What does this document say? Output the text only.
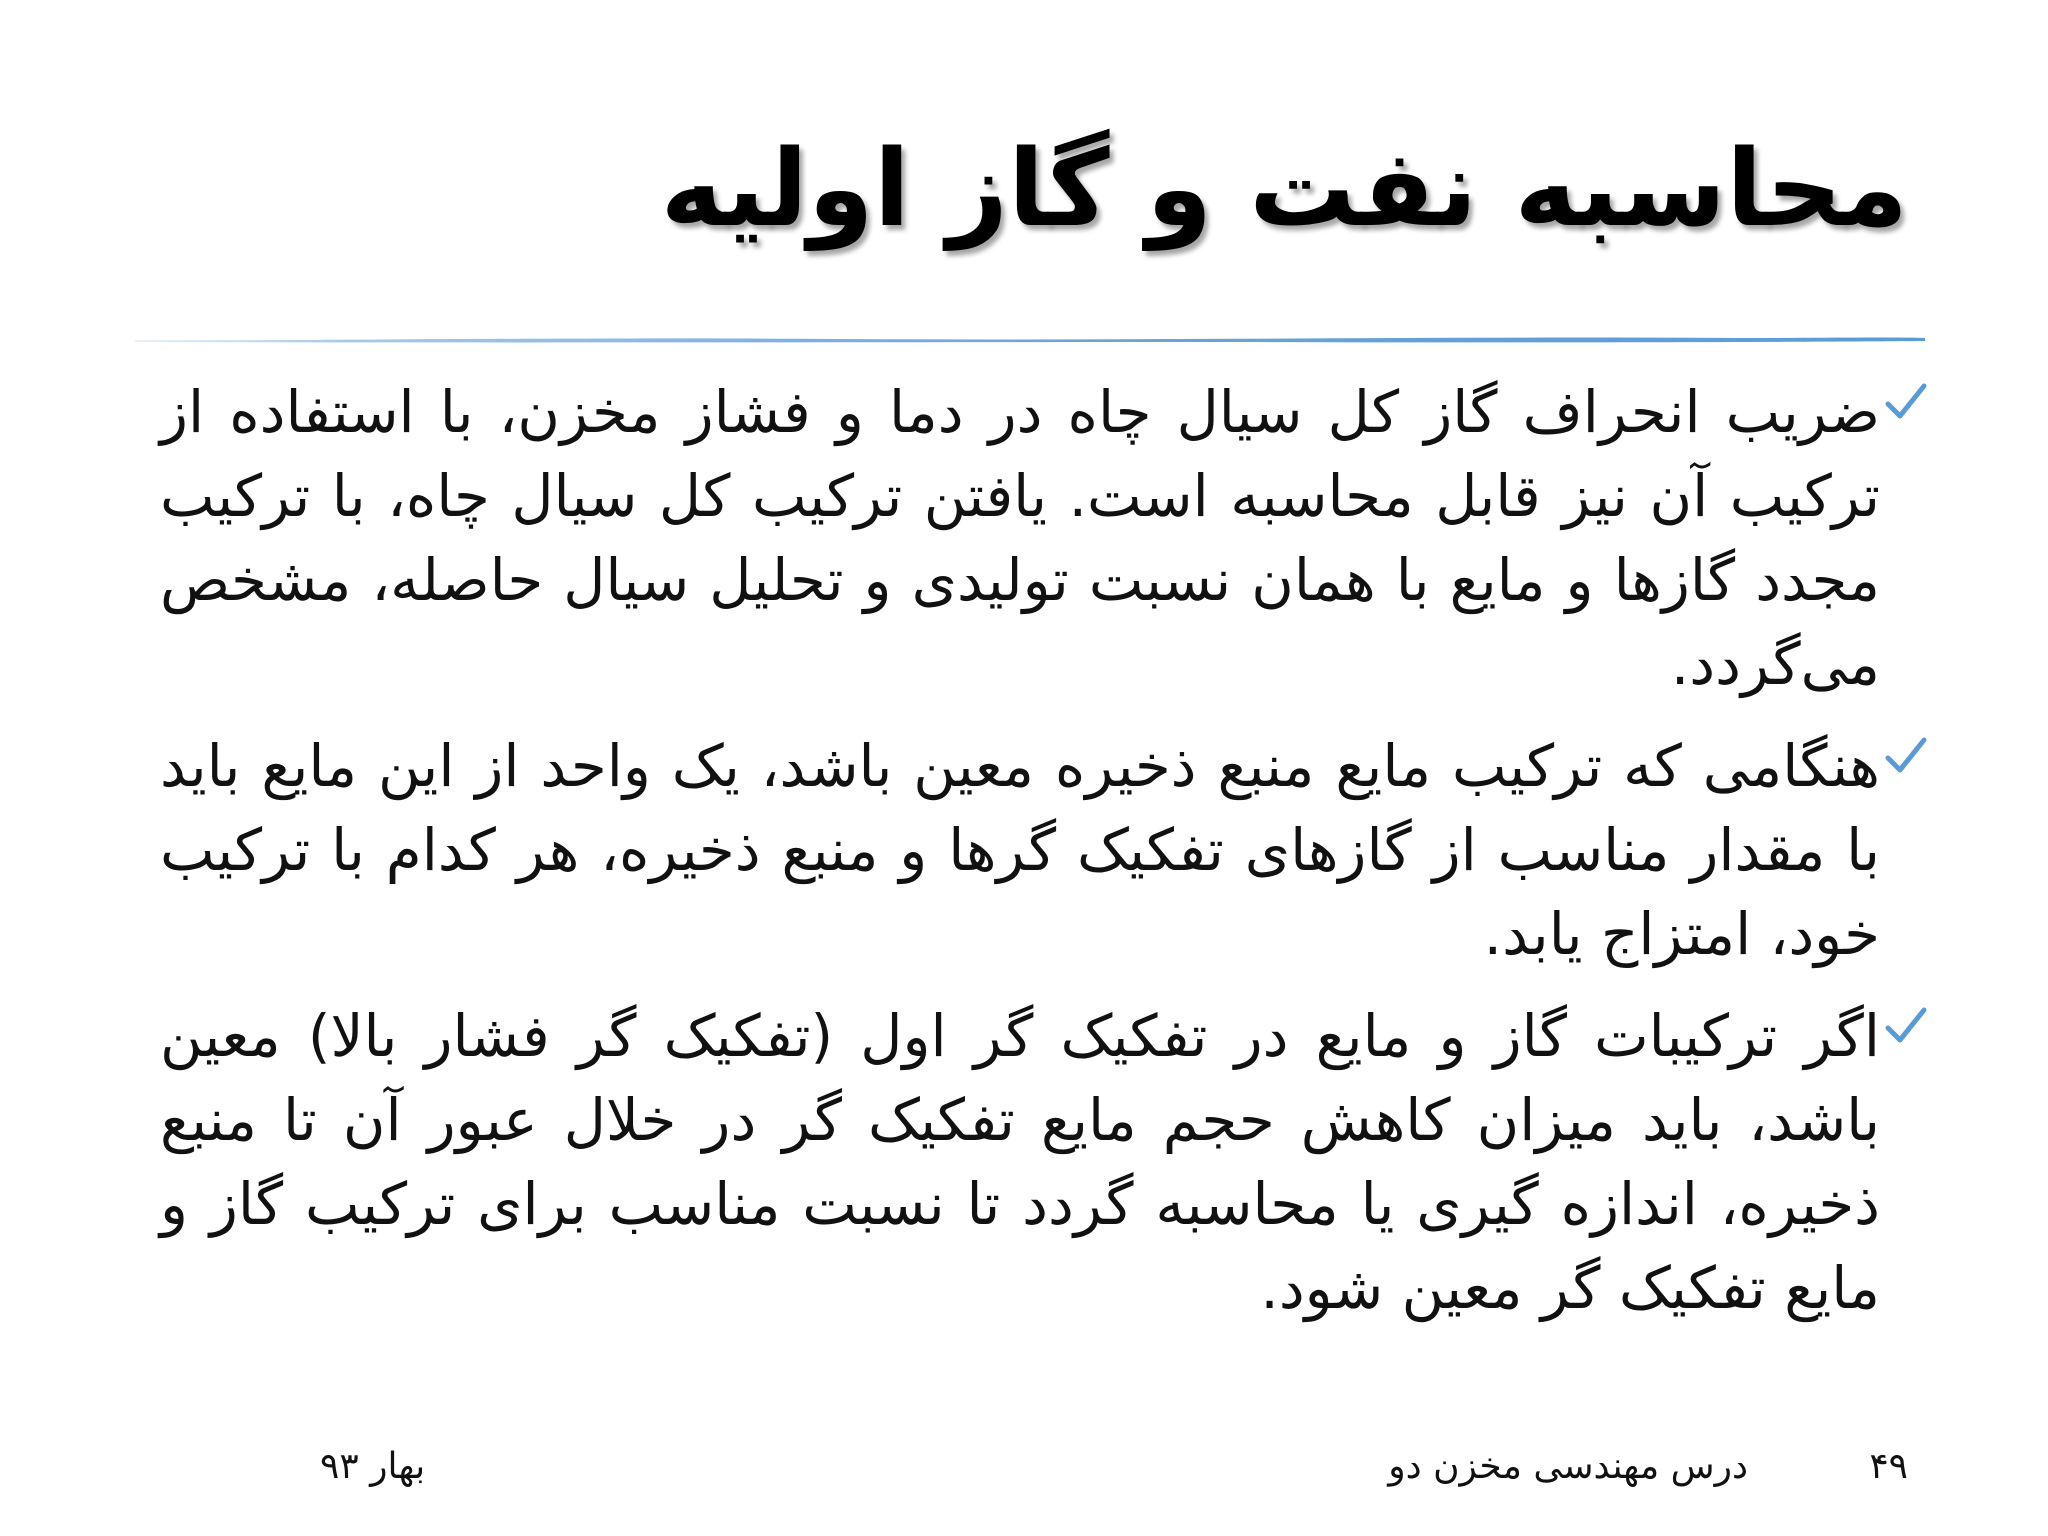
محاسبه نفت و گاز اولیه
ضریب انحراف گاز کل سیال چاه در دما و فشاز مخزن، با استفاده از ترکیب آن نیز قابل محاسبه است. یافتن ترکیب کل سیال چاه، با ترکیب مجدد گازها و مایع با همان نسبت تولیدی و تحلیل سیال حاصله، مشخص می‌گردد.
هنگامی که ترکیب مایع منبع ذخیره معین باشد، یک واحد از این مایع باید با مقدار مناسب از گازهای تفکیک گرها و منبع ذخیره، هر کدام با ترکیب خود، امتزاج یابد.
اگر ترکیبات گاز و مایع در تفکیک گر اول (تفکیک گر فشار بالا) معین باشد، باید میزان کاهش حجم مایع تفکیک گر در خلال عبور آن تا منبع ذخیره، اندازه گیری یا محاسبه گردد تا نسبت مناسب برای ترکیب گاز و مایع تفکیک گر معین شود.
۴۹
درس مهندسی مخزن دو
بهار ۹۳
